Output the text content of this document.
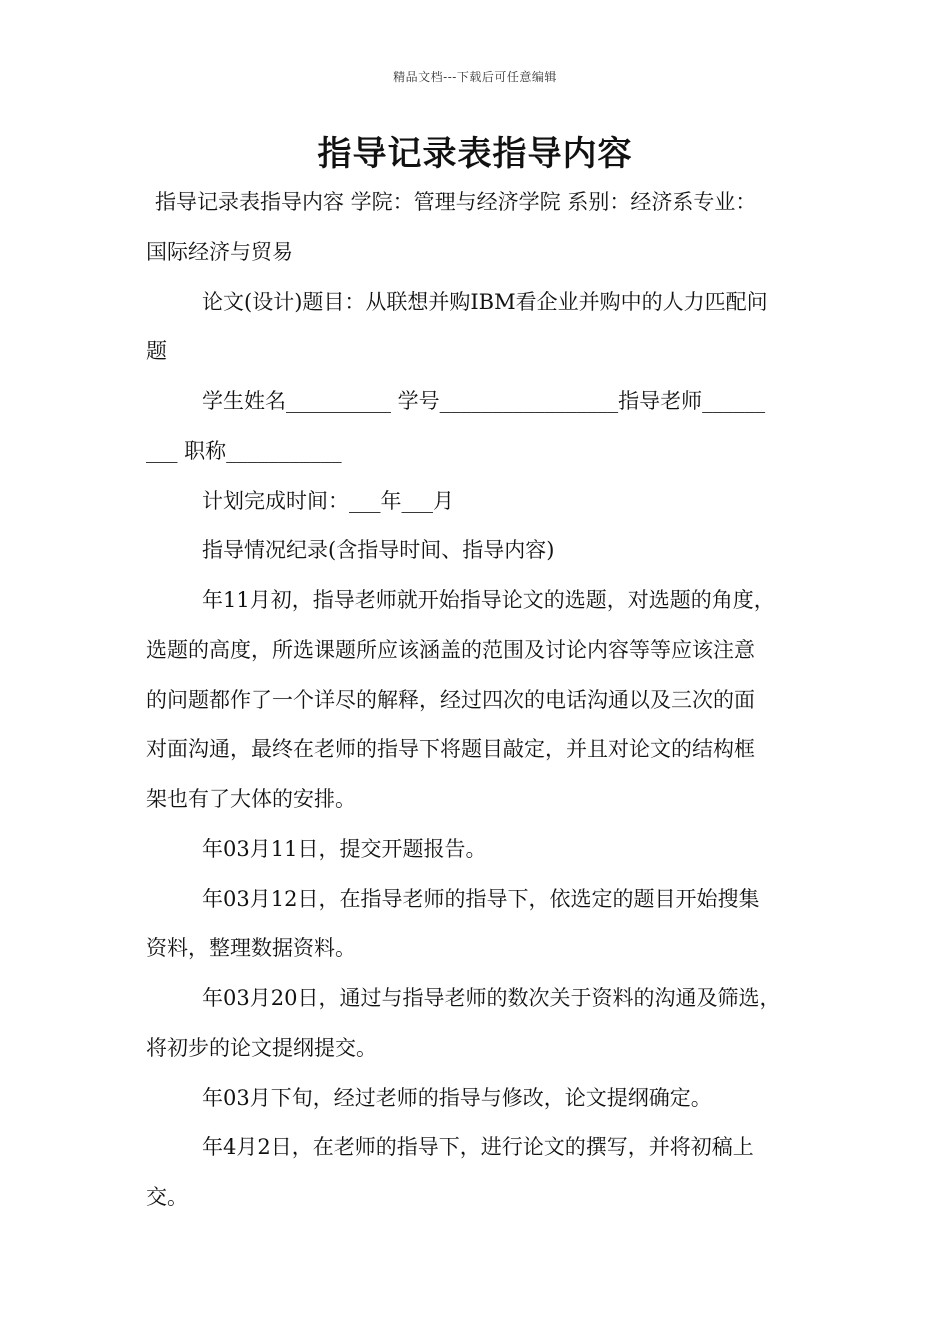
精品文档---下载后可任意编辑
指导记录表指导内容
指导记录表指导内容 学院：管理与经济学院 系别：经济系专业：
国际经济与贸易
论文(设计)题目：从联想并购IBM看企业并购中的人力匹配问
题
学生姓名__________ 学号_________________指导老师______
___ 职称___________
计划完成时间：___年___月
指导情况纪录(含指导时间、指导内容)
年11月初，指导老师就开始指导论文的选题，对选题的角度，
选题的高度，所选课题所应该涵盖的范围及讨论内容等等应该注意
的问题都作了一个详尽的解释，经过四次的电话沟通以及三次的面
对面沟通，最终在老师的指导下将题目敲定，并且对论文的结构框
架也有了大体的安排。
年03月11日，提交开题报告。
年03月12日，在指导老师的指导下，依选定的题目开始搜集
资料，整理数据资料。
年03月20日，通过与指导老师的数次关于资料的沟通及筛选，
将初步的论文提纲提交。
年03月下旬，经过老师的指导与修改，论文提纲确定。
年4月2日，在老师的指导下，进行论文的撰写，并将初稿上
交。
